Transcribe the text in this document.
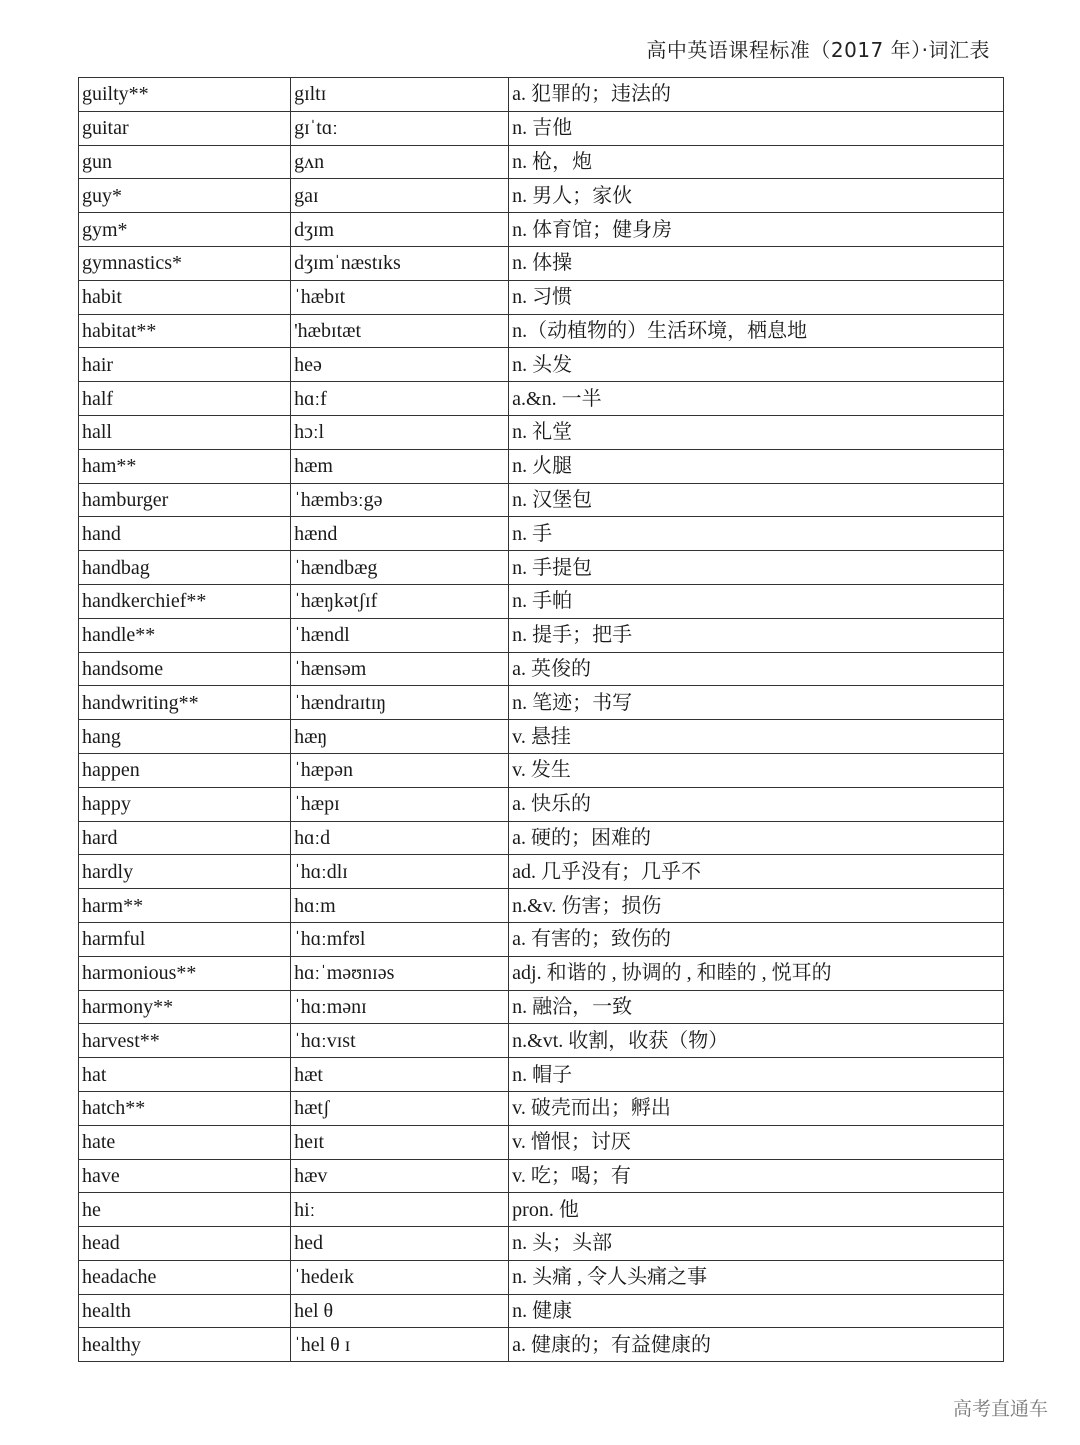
高中英语课程标准（2017 年）·词汇表
guilty**	gɪltɪ	a. 犯罪的；违法的
guitar	gɪˈtɑː	n. 吉他
gun	gʌn	n. 枪，炮
guy*	gaɪ	n. 男人；家伙
gym*	dʒɪm	n. 体育馆；健身房
gymnastics*	dʒɪmˈnæstɪks	n. 体操
habit	ˈhæbɪt	n. 习惯
habitat**	'hæbɪtæt	n.（动植物的）生活环境，栖息地
hair	heə	n. 头发
half	hɑːf	a.&n. 一半
hall	hɔːl	n. 礼堂
ham**	hæm	n. 火腿
hamburger	ˈhæmbɜːgə	n. 汉堡包
hand	hænd	n. 手
handbag	ˈhændbæg	n. 手提包
handkerchief**	ˈhæŋkətʃɪf	n. 手帕
handle**	ˈhændl	n. 提手；把手
handsome	ˈhænsəm	a. 英俊的
handwriting**	ˈhændraɪtɪŋ	n. 笔迹；书写
hang	hæŋ	v. 悬挂
happen	ˈhæpən	v. 发生
happy	ˈhæpɪ	a. 快乐的
hard	hɑːd	a. 硬的；困难的
hardly	ˈhɑːdlɪ	ad. 几乎没有；几乎不
harm**	hɑːm	n.&v. 伤害；损伤
harmful	ˈhɑːmfʊl	a. 有害的；致伤的
harmonious**	hɑːˈməʊnɪəs	adj. 和谐的 , 协调的 , 和睦的 , 悦耳的
harmony**	ˈhɑːmənɪ	n. 融洽，一致
harvest**	ˈhɑːvɪst	n.&vt. 收割，收获（物）
hat	hæt	n. 帽子
hatch**	hætʃ	v. 破壳而出；孵出
hate	heɪt	v. 憎恨；讨厌
have	hæv	v. 吃；喝；有
he	hiː	pron. 他
head	hed	n. 头；头部
headache	ˈhedeɪk	n. 头痛 , 令人头痛之事
health	hel θ	n. 健康
healthy	ˈhel θ ɪ	a. 健康的；有益健康的
高考直通车
